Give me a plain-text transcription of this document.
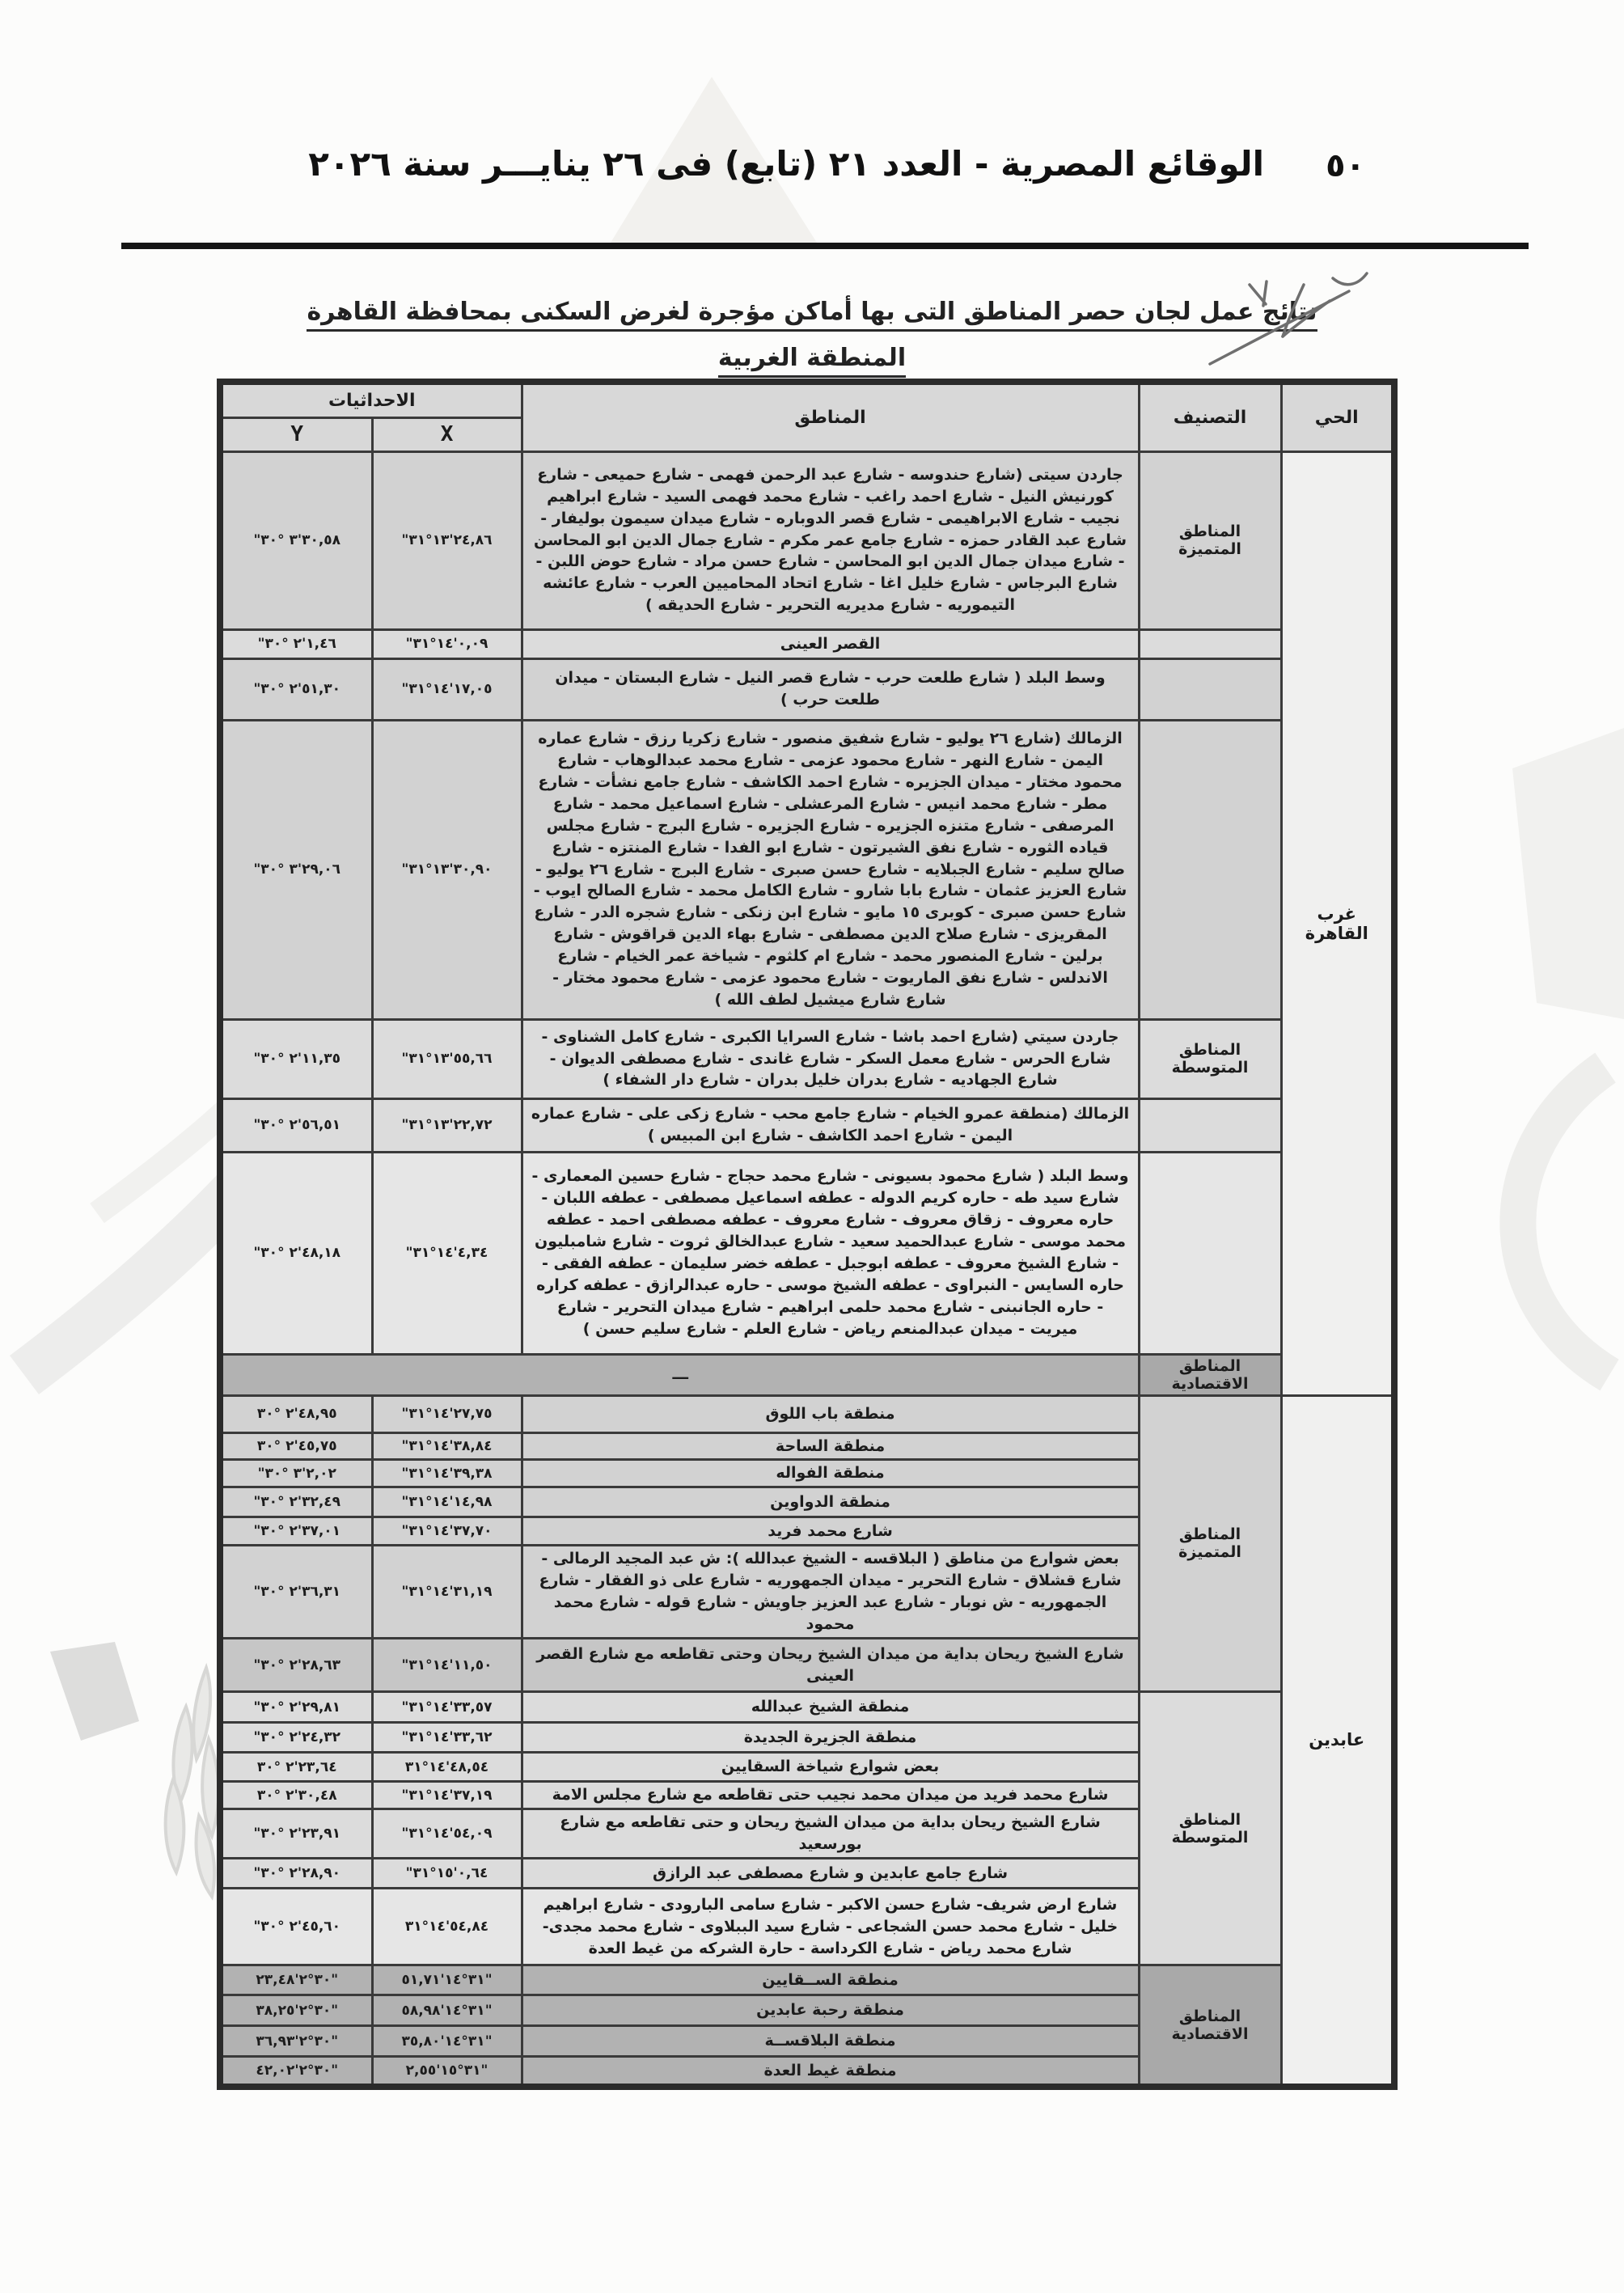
الوقائع المصرية - العدد ٢١ (تابع) فى ٢٦ ينايـــر سنة ٢٠٢٦ ٥٠
نتائج عمل لجان حصر المناطق التى بها أماكن مؤجرة لغرض السكنى بمحافظة القاهرة
المنطقة الغربية
الحي	التصنيف	المناطق	الاحداثيات	
			X	Y
غرب القاهرة	المناطق المتميزة	جاردن سيتى (شارع حندوسه - شارع عبد الرحمن فهمى - شارع حميعى - شارع كورنيش النيل - شارع احمد راغب - شارع محمد فهمى السيد - شارع ابراهيم نجيب - شارع الابراهيمى - شارع قصر الدوباره - شارع ميدان سيمون بوليفار - شارع عبد القادر حمزه - شارع جامع عمر مكرم - شارع جمال الدين ابو المحاسن - شارع ميدان جمال الدين ابو المحاسن - شارع حسن مراد - شارع حوض اللبن - شارع البرجاس - شارع خليل اغا - شارع اتحاد المحاميين العرب - شارع عائشه التيموريه - شارع مديريه التحرير - شارع الحديقه )	"٢٤,٨٦'١٣°٣١	"٣٠,٥٨'٣ °٣٠
		القصر العينى	"٠,٠٩'١٤°٣١	"١,٤٦'٢ °٣٠
		وسط البلد ( شارع طلعت حرب - شارع قصر النيل - شارع البستان - ميدان طلعت حرب )	"١٧,٠٥'١٤°٣١	"٥١,٣٠'٢ °٣٠
		الزمالك (شارع ٢٦ يوليو - شارع شفيق منصور - شارع زكريا رزق - شارع عماره اليمن - شارع النهر - شارع محمود عزمى - شارع محمد عبدالوهاب - شارع محمود مختار - ميدان الجزيره - شارع احمد الكاشف - شارع جامع نشأت - شارع مطر - شارع محمد انيس - شارع المرعشلى - شارع اسماعيل محمد - شارع المرصفى - شارع متنزه الجزيره - شارع الجزيره - شارع البرج - شارع مجلس قياده الثوره - شارع نفق الشيرتون - شارع ابو الفدا - شارع المنتزه - شارع صالح سليم - شارع الجبلايه - شارع حسن صبرى - شارع البرج - شارع ٢٦ يوليو - شارع العزيز عثمان - شارع بابا شارو - شارع الكامل محمد - شارع الصالح ايوب - شارع حسن صبرى - كوبرى ١٥ مايو - شارع ابن زنكى - شارع شجره الدر - شارع المقريزى - شارع صلاح الدين مصطفى - شارع بهاء الدين قراقوش - شارع برلين - شارع المنصور محمد - شارع ام كلثوم - شياخة عمر الخيام - شارع الاندلس - شارع نفق الماريوت - شارع محمود عزمى - شارع محمود مختار - شارع شارع ميشيل لطف الله )	"٣٠,٩٠'١٣°٣١	"٢٩,٠٦'٣ °٣٠
	المناطق المتوسطة	جاردن سيتي (شارع احمد باشا - شارع السرايا الكبرى - شارع كامل الشناوى - شارع الحرس - شارع معمل السكر - شارع غاندى - شارع مصطفى الديوان - شارع الجهاديه - شارع بدران خليل بدران - شارع دار الشفاء )	"٥٥,٦٦'١٣°٣١	"١١,٣٥'٢ °٣٠
		الزمالك (منطقة عمرو الخيام - شارع جامع محب - شارع زكى على - شارع عماره اليمن - شارع احمد الكاشف - شارع ابن المبيس )	"٢٢,٧٢'١٣°٣١	"٥٦,٥١'٢ °٣٠
		وسط البلد ( شارع محمود بسيونى - شارع محمد حجاج - شارع حسين المعمارى - شارع سيد طه - حاره كريم الدوله - عطفه اسماعيل مصطفى - عطفه اللبان - حاره معروف - زقاق معروف - شارع معروف - عطفه مصطفى احمد - عطفه محمد موسى - شارع عبدالحميد سعيد - شارع عبدالخالق ثروت - شارع شامبليون - شارع الشيخ معروف - عطفه ابوجبل - عطفه خضر سليمان - عطفه الفقى - حاره السايس - النبراوى - عطفه الشيخ موسى - حاره عبدالرازق - عطفه كراره - حاره الجانبنى - شارع محمد حلمى ابراهيم - شارع ميدان التحرير - شارع ميريت - ميدان عبدالمنعم رياض - شارع العلم - شارع سليم حسن )	"٤,٣٤'١٤°٣١	"٤٨,١٨'٢ °٣٠
	المناطق الاقتصادية	ـــ		
عابدين	المناطق المتميزة	منطقة باب اللوق	"٢٧,٧٥'١٤°٣١	٤٨,٩٥'٢ °٣٠
		منطقة الساحة	"٣٨,٨٤'١٤°٣١	٤٥,٧٥'٢ °٣٠
		منطقة الفواله	"٣٩,٣٨'١٤°٣١	"٢,٠٢'٣ °٣٠
		منطقة الدواوين	"١٤,٩٨'١٤°٣١	"٣٢,٤٩'٢ °٣٠
		شارع محمد فريد	"٣٧,٧٠'١٤°٣١	"٣٧,٠١'٢ °٣٠
		بعض شوارع من مناطق ( البلاقسه - الشيخ عبدالله ): ش عبد المجيد الرمالى - شارع قشلاق - شارع التحرير - ميدان الجمهوريه - شارع على ذو الفقار - شارع الجمهوريه - ش نوبار - شارع عبد العزيز جاويش - شارع قوله - شارع محمد محمود	"٣١,١٩'١٤°٣١	"٣٦,٣١'٢ °٣٠
		شارع الشيخ ريحان بداية من ميدان الشيخ ريحان وحتى تقاطعه مع شارع القصر العينى	"١١,٥٠'١٤°٣١	"٢٨,٦٣'٢ °٣٠
	المناطق المتوسطة	منطقة الشيخ عبدالله	"٣٣,٥٧'١٤°٣١	"٢٩,٨١'٢ °٣٠
		منطقة الجزيرة الجديدة	"٣٣,٦٢'١٤°٣١	"٢٤,٣٢'٢ °٣٠
		بعض شوارع شياخة السقايين	٤٨,٥٤'١٤°٣١	٢٣,٦٤'٢ °٣٠
		شارع محمد فريد من ميدان محمد نجيب حتى تقاطعه مع شارع مجلس الامة	"٣٧,١٩'١٤°٣١	٣٠,٤٨'٢ °٣٠
		شارع الشيخ ريحان بداية من ميدان الشيخ ريحان و حتى تقاطعه مع شارع بورسعيد	"٥٤,٠٩'١٤°٣١	"٢٣,٩١'٢ °٣٠
		شارع جامع عابدين و شارع مصطفى عبد الرازق	"٠,٦٤'١٥°٣١	"٢٨,٩٠'٢ °٣٠
		شارع ارض شريف- شارع حسن الاكبر - شارع سامى البارودى - شارع ابراهيم خليل - شارع محمد حسن الشجاعى - شارع سيد الببلاوى - شارع محمد مجدى- شارع محمد رياض - شارع الكرداسة - حارة الشركه من غيط العدة	٥٤,٨٤'١٤°٣١	"٤٥,٦٠'٢ °٣٠
	المناطق الاقتصادية	منطقة الســقايين	٣١°١٤'٥١,٧١"	٣٠°٢'٢٣,٤٨"
		منطقة رحبة عابدين	٣١°١٤'٥٨,٩٨"	٣٠°٢'٣٨,٢٥"
		منطقة البلاقســة	٣١°١٤'٣٥,٨٠"	٣٠°٢'٣٦,٩٣"
		منطقة غيط العدة	٣١°١٥'٢,٥٥"	٣٠°٢'٤٢,٠٢"
